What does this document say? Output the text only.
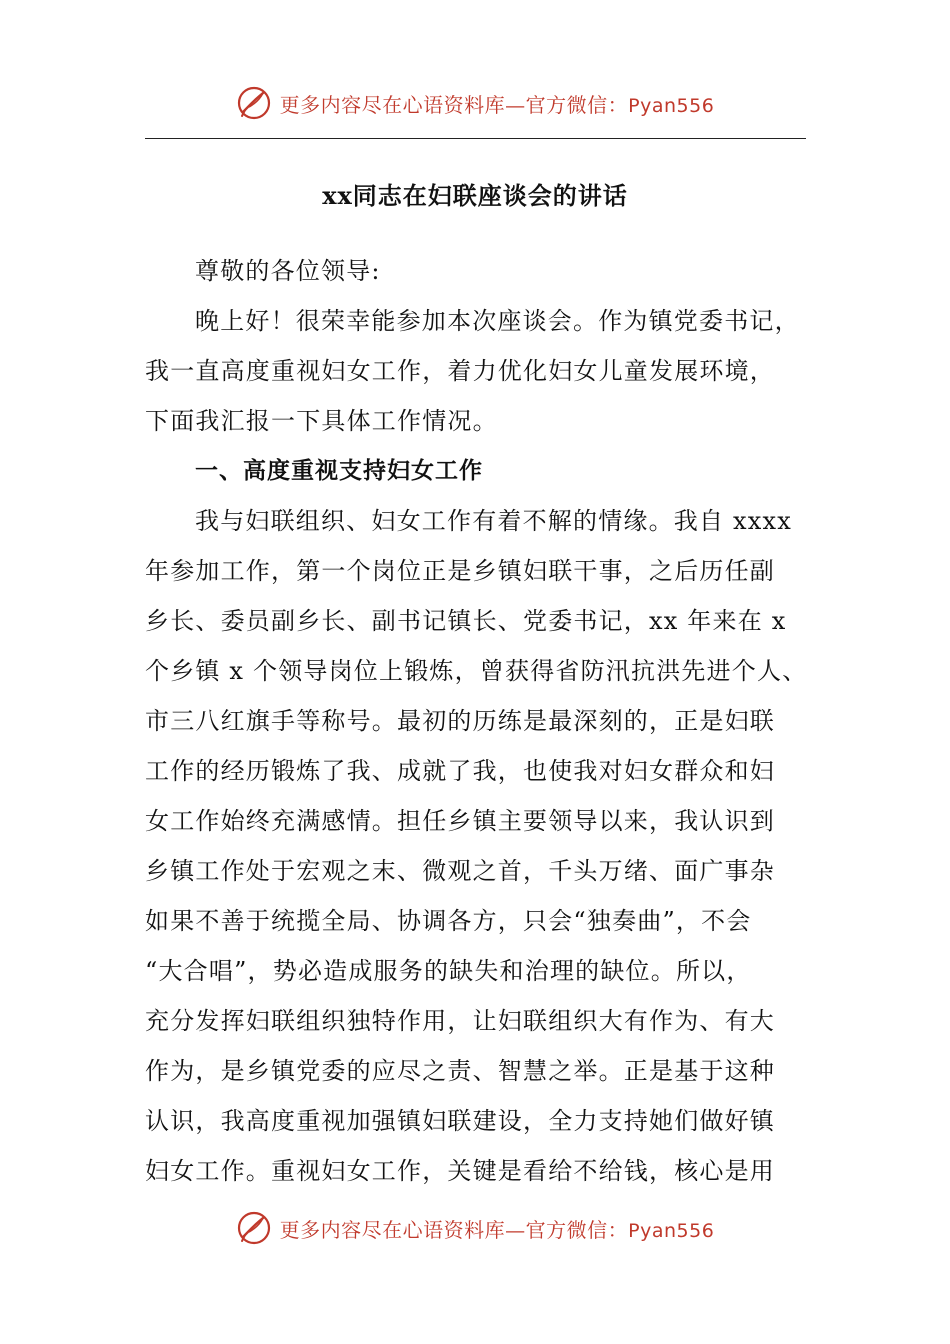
更多内容尽在心语资料库—官方微信：Pyan556
xx同志在妇联座谈会的讲话
尊敬的各位领导:
晚上好！很荣幸能参加本次座谈会。作为镇党委书记，
我一直高度重视妇女工作，着力优化妇女儿童发展环境，
下面我汇报一下具体工作情况。
一、高度重视支持妇女工作
我与妇联组织、妇女工作有着不解的情缘。我自 xxxx
年参加工作，第一个岗位正是乡镇妇联干事，之后历任副
乡长、委员副乡长、副书记镇长、党委书记，xx 年来在 x
个乡镇 x 个领导岗位上锻炼，曾获得省防汛抗洪先进个人、
市三八红旗手等称号。最初的历练是最深刻的，正是妇联
工作的经历锻炼了我、成就了我，也使我对妇女群众和妇
女工作始终充满感情。担任乡镇主要领导以来，我认识到
乡镇工作处于宏观之末、微观之首，千头万绪、面广事杂
如果不善于统揽全局、协调各方，只会“独奏曲”，不会
“大合唱”，势必造成服务的缺失和治理的缺位。所以，
充分发挥妇联组织独特作用，让妇联组织大有作为、有大
作为，是乡镇党委的应尽之责、智慧之举。正是基于这种
认识，我高度重视加强镇妇联建设，全力支持她们做好镇
妇女工作。重视妇女工作，关键是看给不给钱，核心是用
更多内容尽在心语资料库—官方微信：Pyan556
